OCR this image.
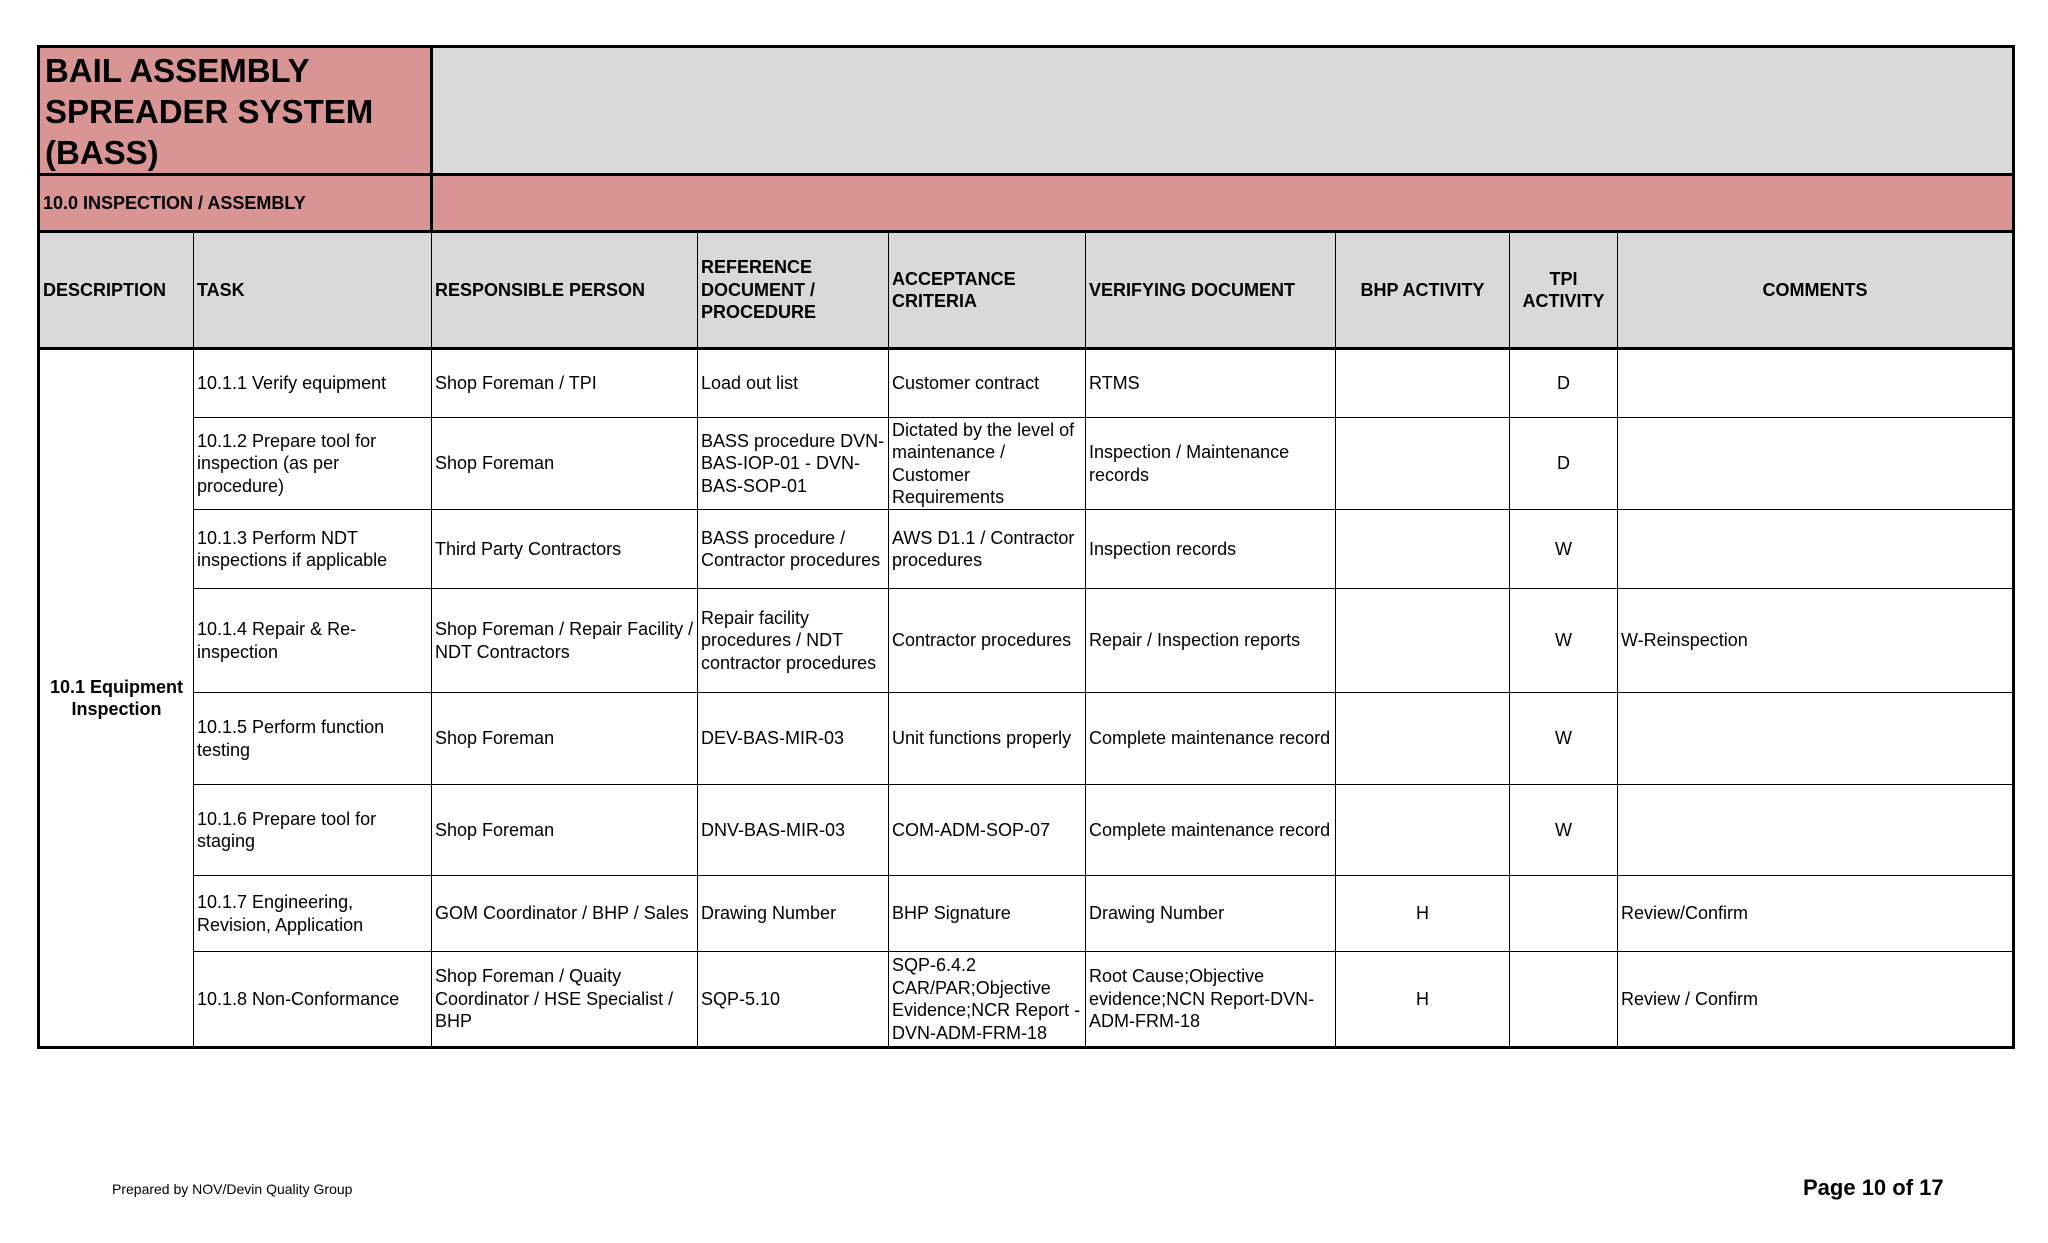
BAIL ASSEMBLY
SPREADER SYSTEM
(BASS)								

10.0 INSPECTION / ASSEMBLY								
DESCRIPTION	TASK	RESPONSIBLE PERSON	REFERENCE DOCUMENT / PROCEDURE	ACCEPTANCE CRITERIA	VERIFYING DOCUMENT	BHP ACTIVITY	TPI ACTIVITY	COMMENTS
10.1 Equipment Inspection	10.1.1 Verify equipment	Shop Foreman / TPI	Load out list	Customer contract	RTMS		D	
	10.1.2 Prepare tool for inspection (as per procedure)	Shop Foreman	BASS procedure DVN-BAS-IOP-01 - DVN-BAS-SOP-01	Dictated by the level of maintenance / Customer Requirements	Inspection / Maintenance records		D	
	10.1.3 Perform NDT inspections if applicable	Third Party Contractors	BASS procedure / Contractor procedures	AWS D1.1 / Contractor procedures	Inspection records		W	
	10.1.4 Repair & Re-inspection	Shop Foreman / Repair Facility / NDT Contractors	Repair facility procedures / NDT contractor procedures	Contractor procedures	Repair / Inspection reports		W	W-Reinspection
	10.1.5 Perform function testing	Shop Foreman	DEV-BAS-MIR-03	Unit functions properly	Complete maintenance record		W	
	10.1.6 Prepare tool for staging	Shop Foreman	DNV-BAS-MIR-03	COM-ADM-SOP-07	Complete maintenance record		W	
	10.1.7 Engineering, Revision, Application	GOM Coordinator / BHP / Sales	Drawing Number	BHP Signature	Drawing Number	H		Review/Confirm
	10.1.8 Non-Conformance	Shop Foreman / Quaity Coordinator / HSE Specialist / BHP	SQP-5.10	SQP-6.4.2 CAR/PAR;Objective Evidence;NCR Report - DVN-ADM-FRM-18	Root Cause;Objective evidence;NCN Report-DVN-ADM-FRM-18	H		Review / Confirm
Prepared by NOV/Devin Quality Group	Page 10 of 17
